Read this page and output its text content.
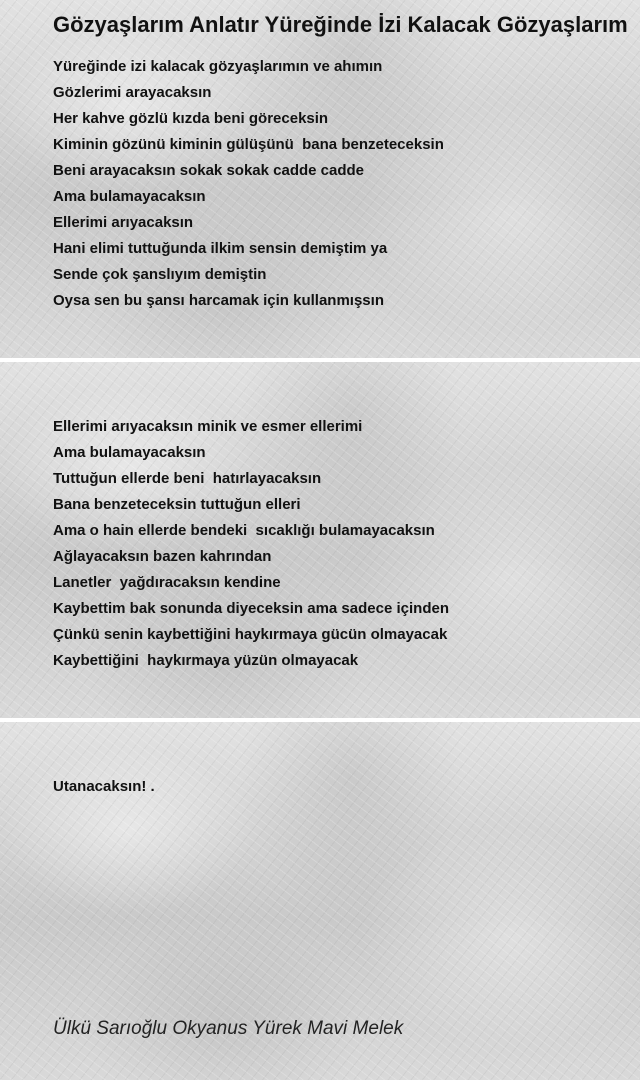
Gözyaşlarım Anlatır Yüreğinde İzi Kalacak Gözyaşlarım
Yüreğinde izi kalacak gözyaşlarımın ve ahımın
Gözlerimi arayacaksın
Her kahve gözlü kızda beni göreceksin
Kiminin gözünü kiminin gülüşünü  bana benzeteceksin
Beni arayacaksın sokak sokak cadde cadde
Ama bulamayacaksın
Ellerimi arıyacaksın
Hani elimi tuttuğunda ilkim sensin demiştim ya
Sende çok şanslıyım demiştin
Oysa sen bu şansı harcamak için kullanmışsın
Ellerimi arıyacaksın minik ve esmer ellerimi
Ama bulamayacaksın
Tuttuğun ellerde beni  hatırlayacaksın
Bana benzeteceksin tuttuğun elleri
Ama o hain ellerde bendeki  sıcaklığı bulamayacaksın
Ağlayacaksın bazen kahrından
Lanetler  yağdıracaksın kendine
Kaybettim bak sonunda diyeceksin ama sadece içinden
Çünkü senin kaybettiğini haykırmaya gücün olmayacak
Kaybettiğini  haykırmaya yüzün olmayacak
Utanacaksın! .

Ülkü Sarıoğlu Okyanus Yürek Mavi Melek
